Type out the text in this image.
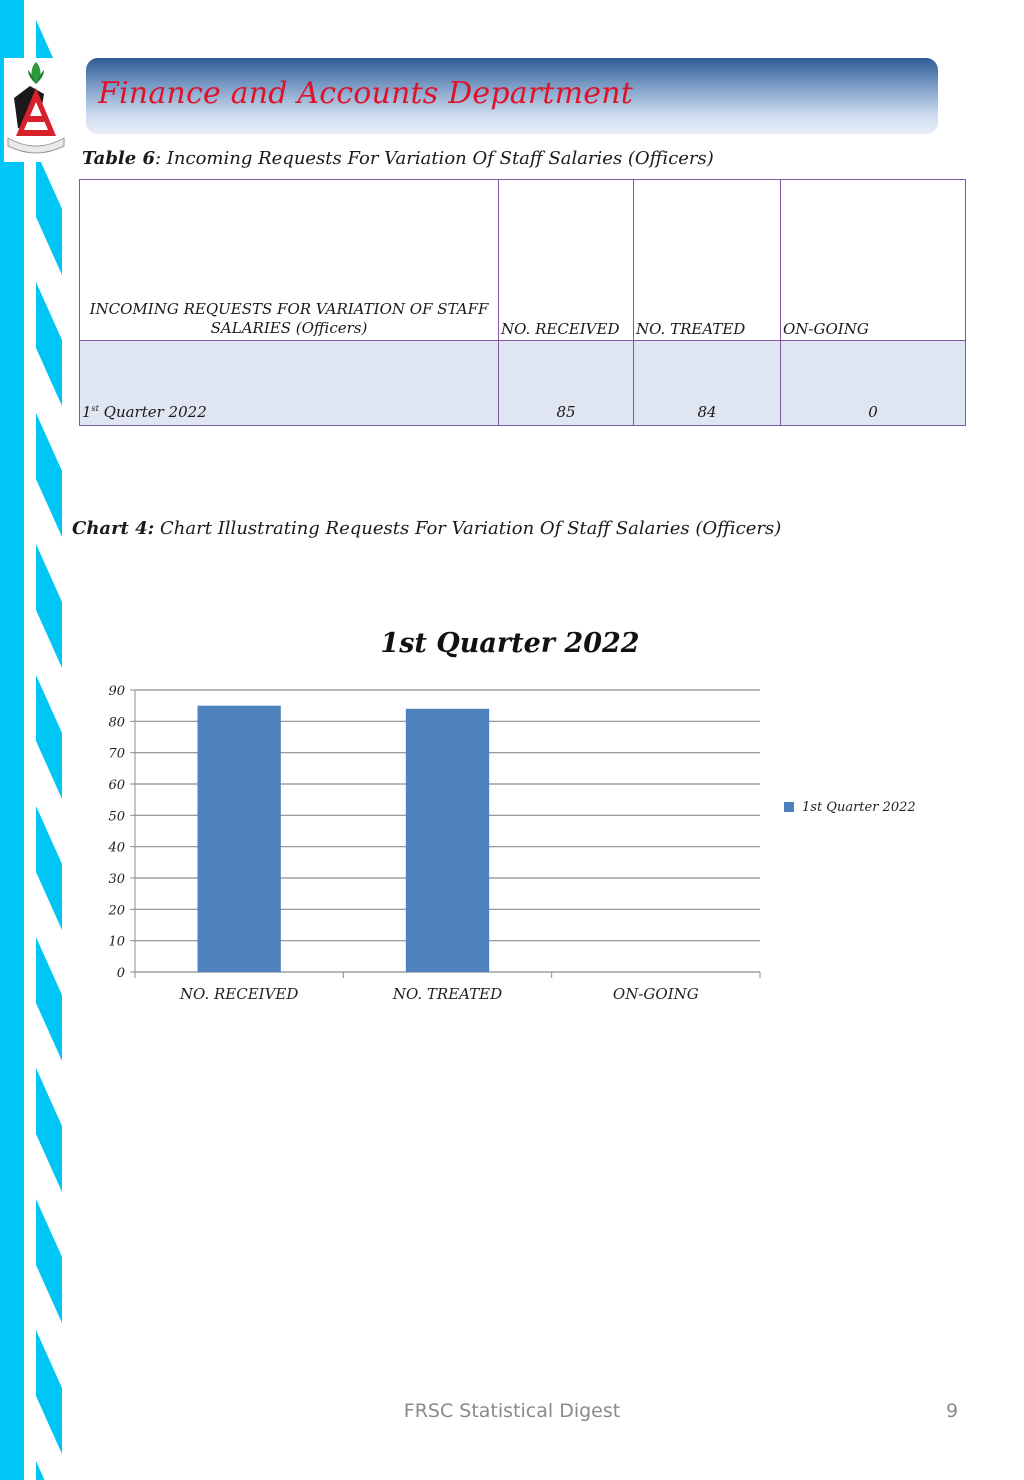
Finance and Accounts Department
Table 6: Incoming Requests For Variation Of Staff Salaries (Officers)
INCOMING REQUESTS FOR VARIATION OF STAFF SALARIES (Officers)	NO. RECEIVED	NO. TREATED	ON-GOING
1st Quarter 2022	85	84	0
Chart 4: Chart Illustrating Requests For Variation Of Staff Salaries (Officers)
1st Quarter 2022
0
10
20
30
40
50
60
70
80
90
NO. RECEIVED	NO. TREATED	ON-GOING
1st Quarter 2022
FRSC Statistical Digest	9
